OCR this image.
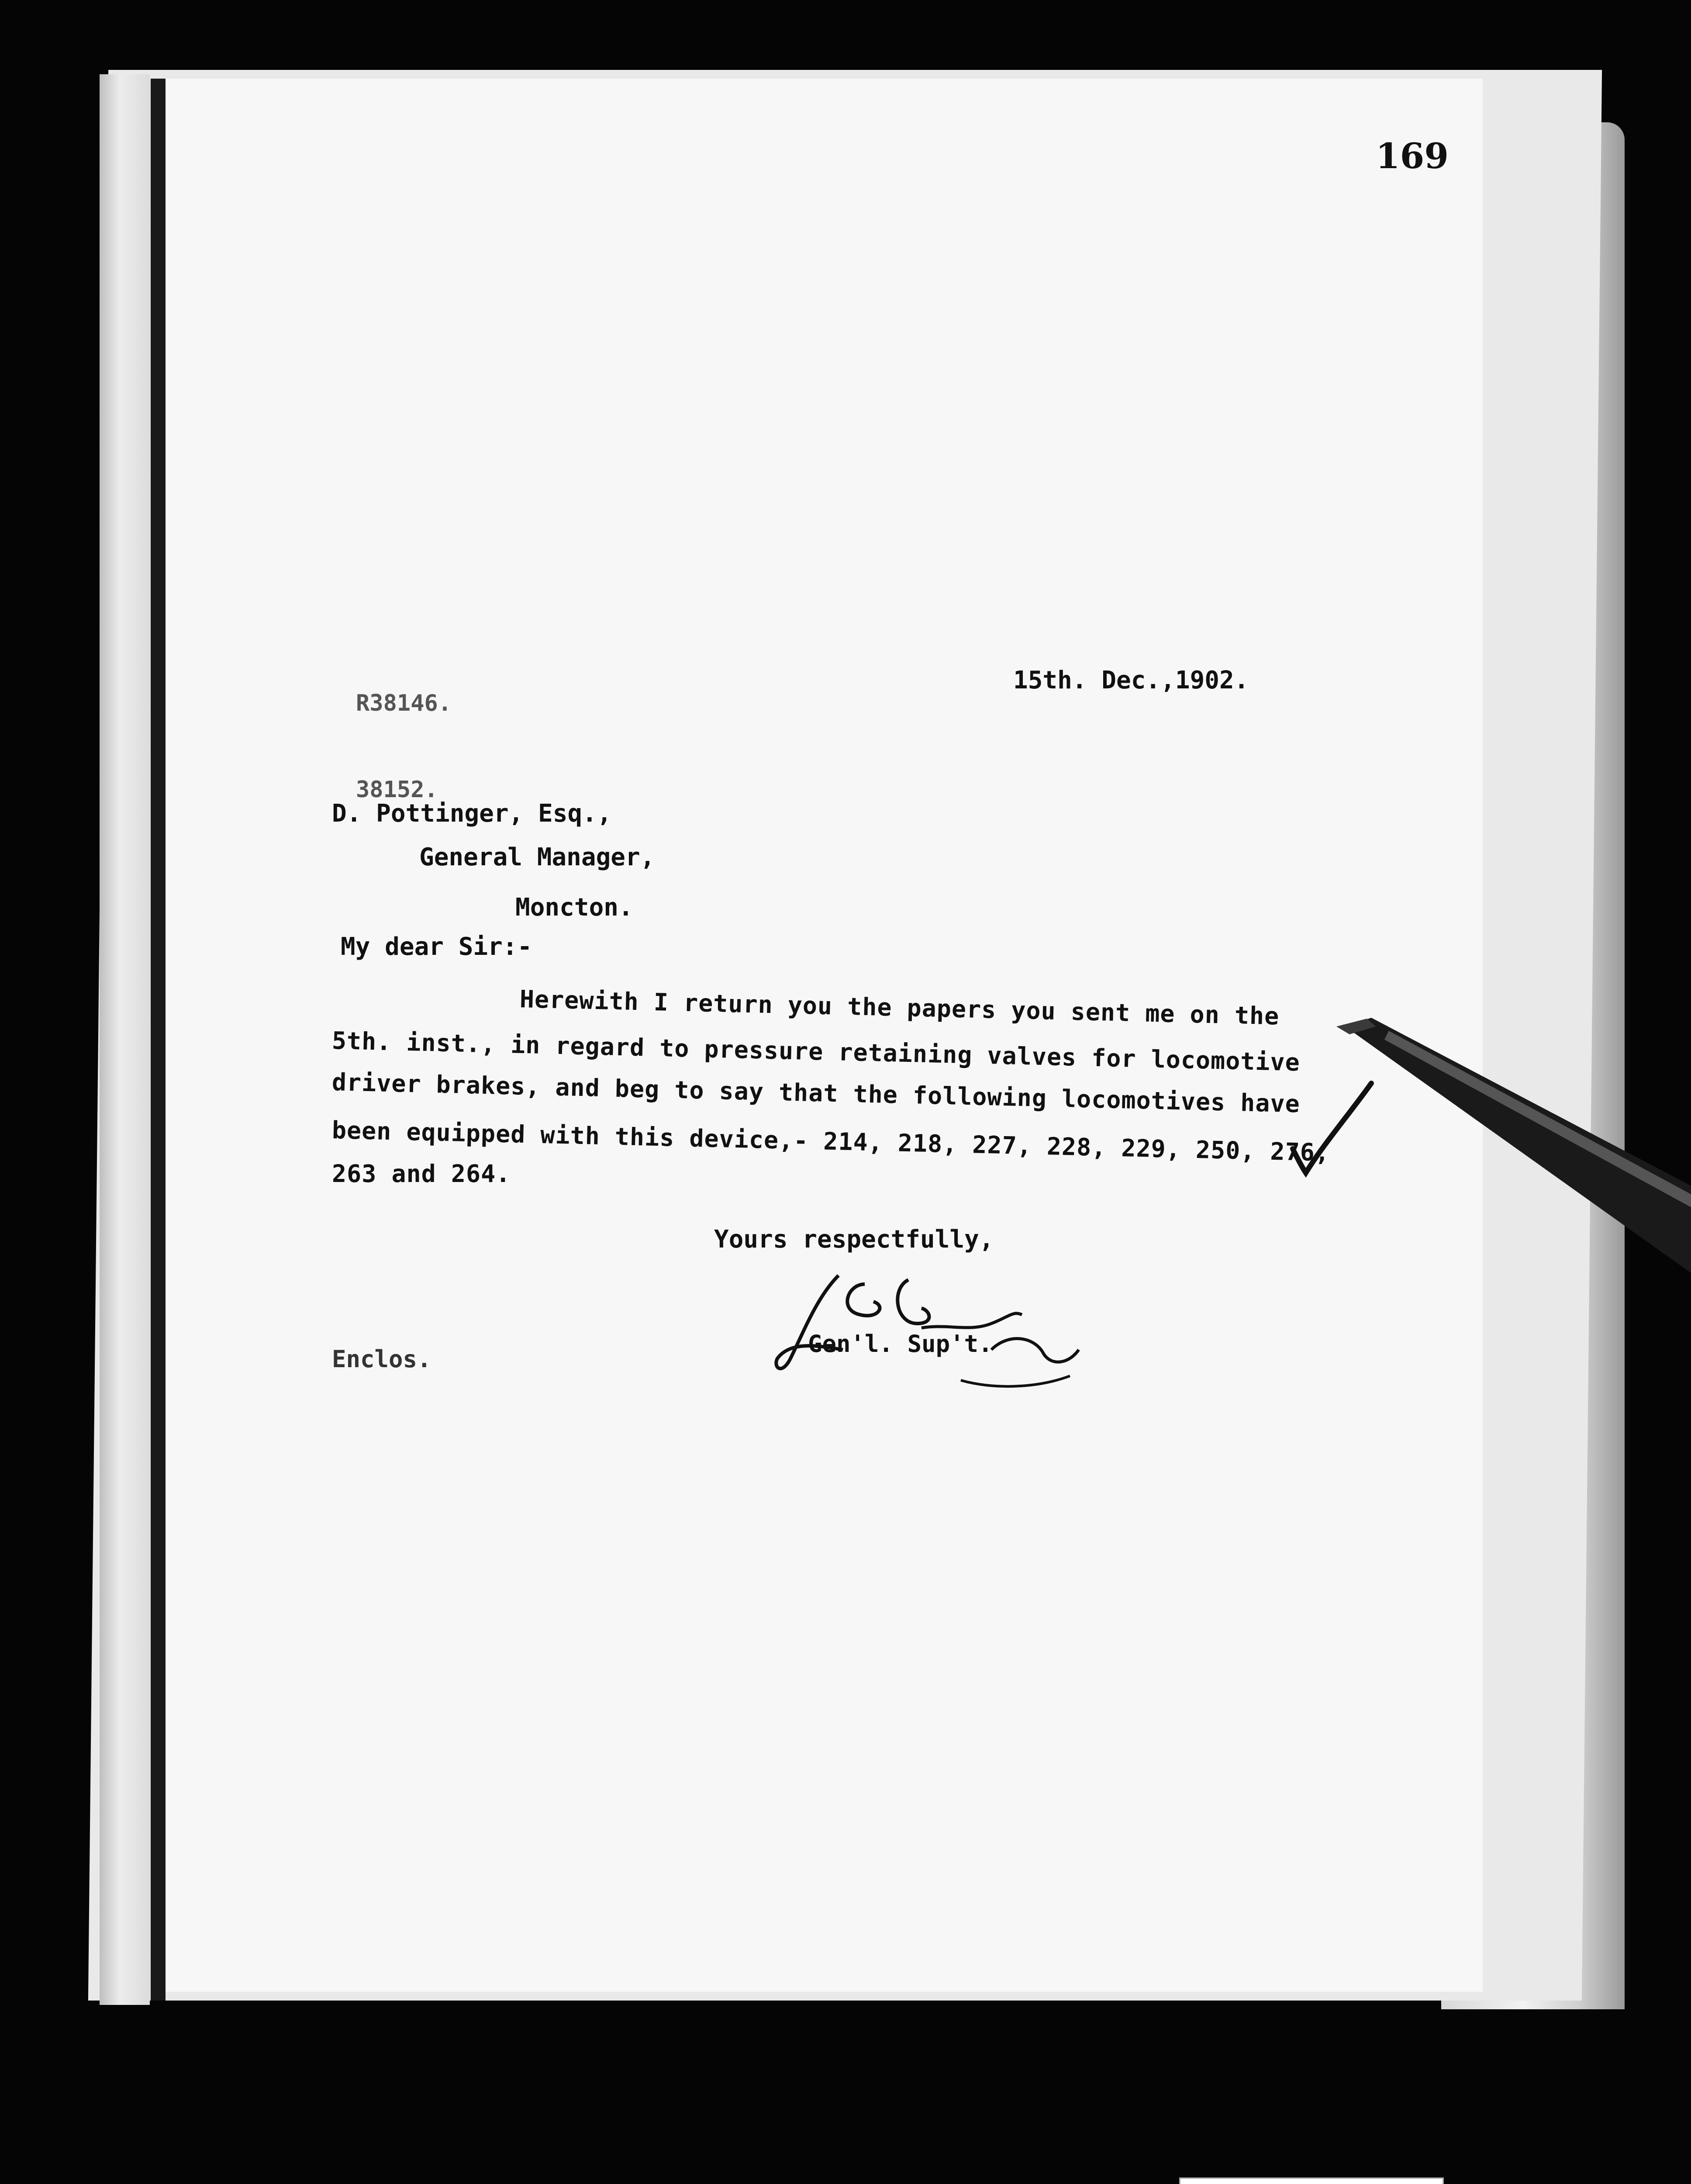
169

R38146.

38152.

15th. Dec.,1902.
D. Pottinger, Esq.,
General Manager,
Moncton.
My dear Sir:-
Herewith I return you the papers you sent me on the
5th. inst., in regard to pressure retaining valves for locomotive
driver brakes, and beg to say that the following locomotives have
been equipped with this device,- 214, 218, 227, 228, 229, 250, 276,
263 and 264.
Yours respectfully,
Gen'l. Sup't.
Enclos.
